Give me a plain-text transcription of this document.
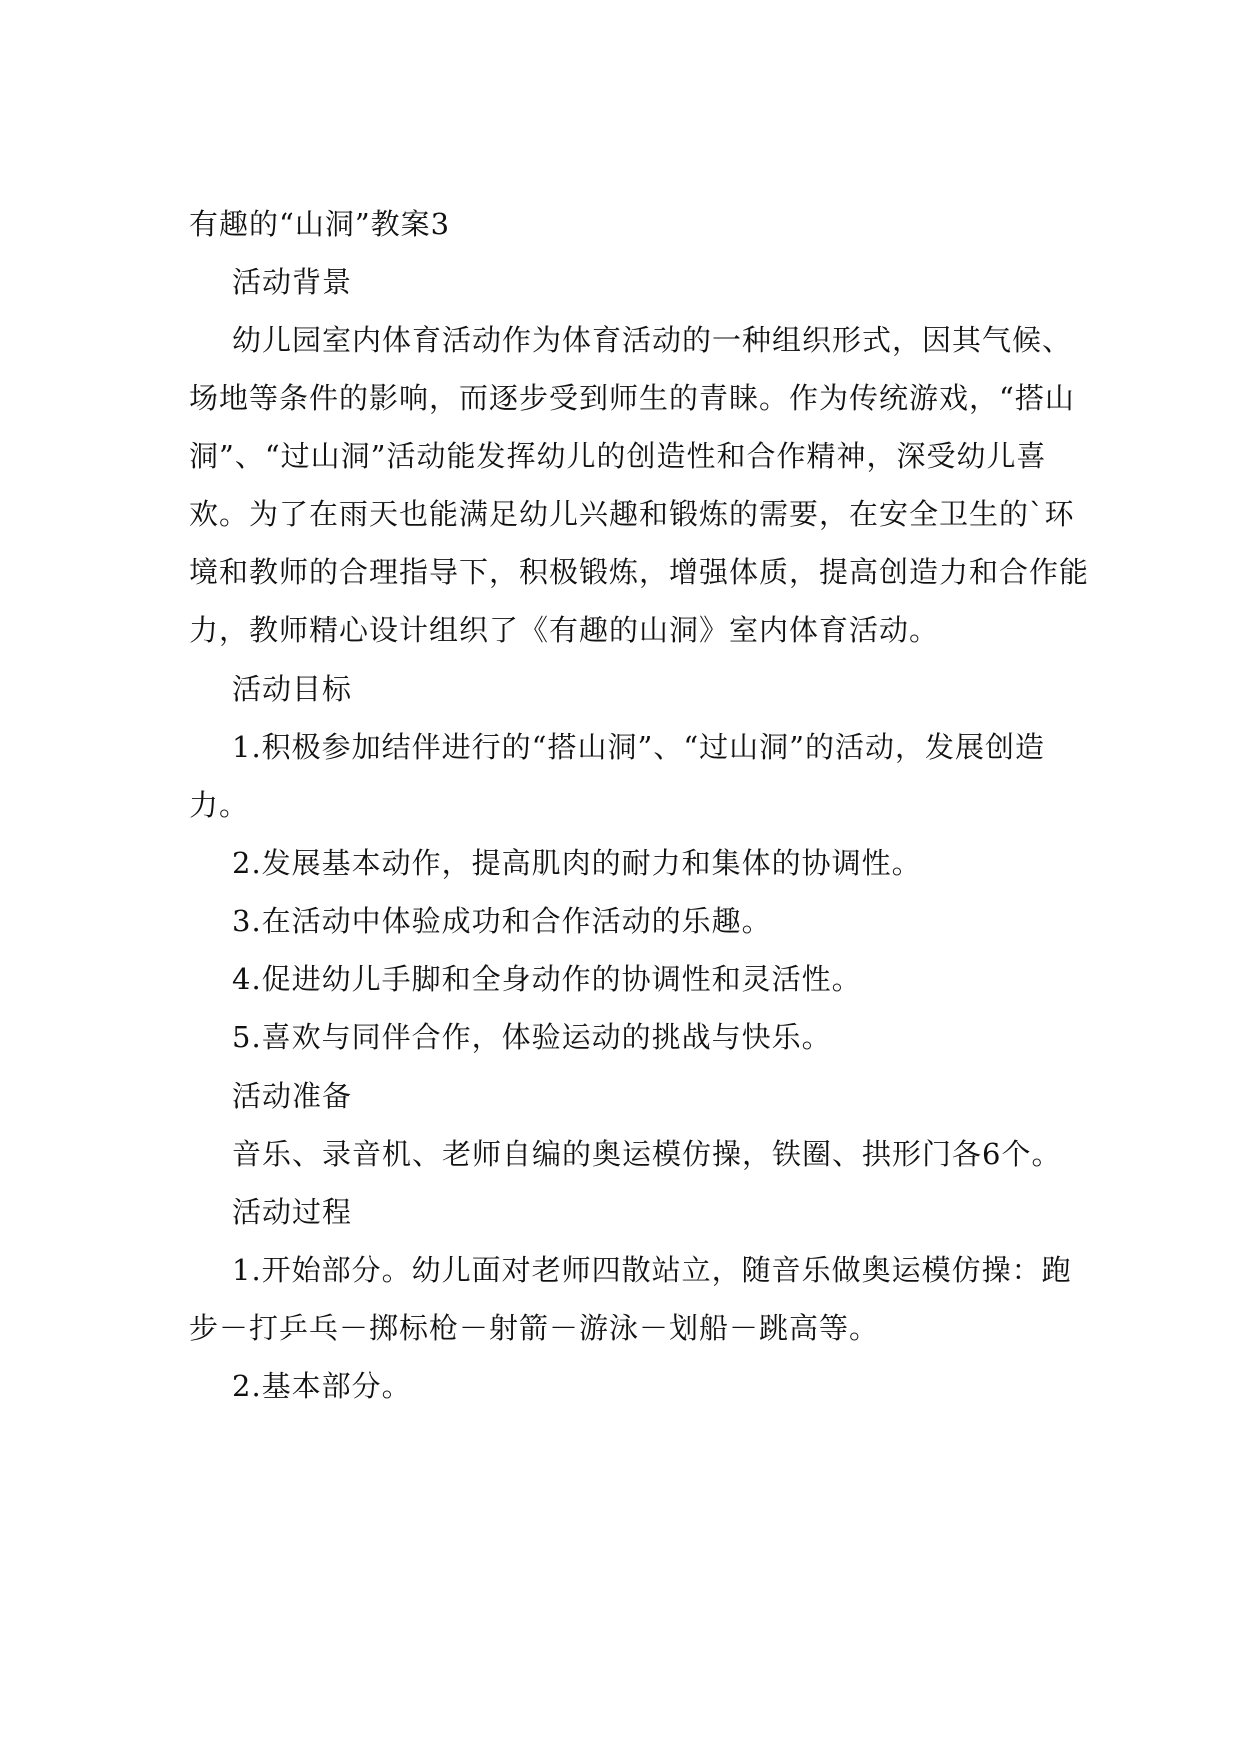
有趣的“山洞”教案3
活动背景
幼儿园室内体育活动作为体育活动的一种组织形式，因其气候、
场地等条件的影响，而逐步受到师生的青睐。作为传统游戏，“搭山
洞”、“过山洞”活动能发挥幼儿的创造性和合作精神，深受幼儿喜
欢。为了在雨天也能满足幼儿兴趣和锻炼的需要，在安全卫生的`环
境和教师的合理指导下，积极锻炼，增强体质，提高创造力和合作能
力，教师精心设计组织了《有趣的山洞》室内体育活动。
活动目标
1.积极参加结伴进行的“搭山洞”、“过山洞”的活动，发展创造
力。
2.发展基本动作，提高肌肉的耐力和集体的协调性。
3.在活动中体验成功和合作活动的乐趣。
4.促进幼儿手脚和全身动作的协调性和灵活性。
5.喜欢与同伴合作，体验运动的挑战与快乐。
活动准备
音乐、录音机、老师自编的奥运模仿操，铁圈、拱形门各6个。
活动过程
1.开始部分。幼儿面对老师四散站立，随音乐做奥运模仿操：跑
步－打乒乓－掷标枪－射箭－游泳－划船－跳高等。
2.基本部分。
